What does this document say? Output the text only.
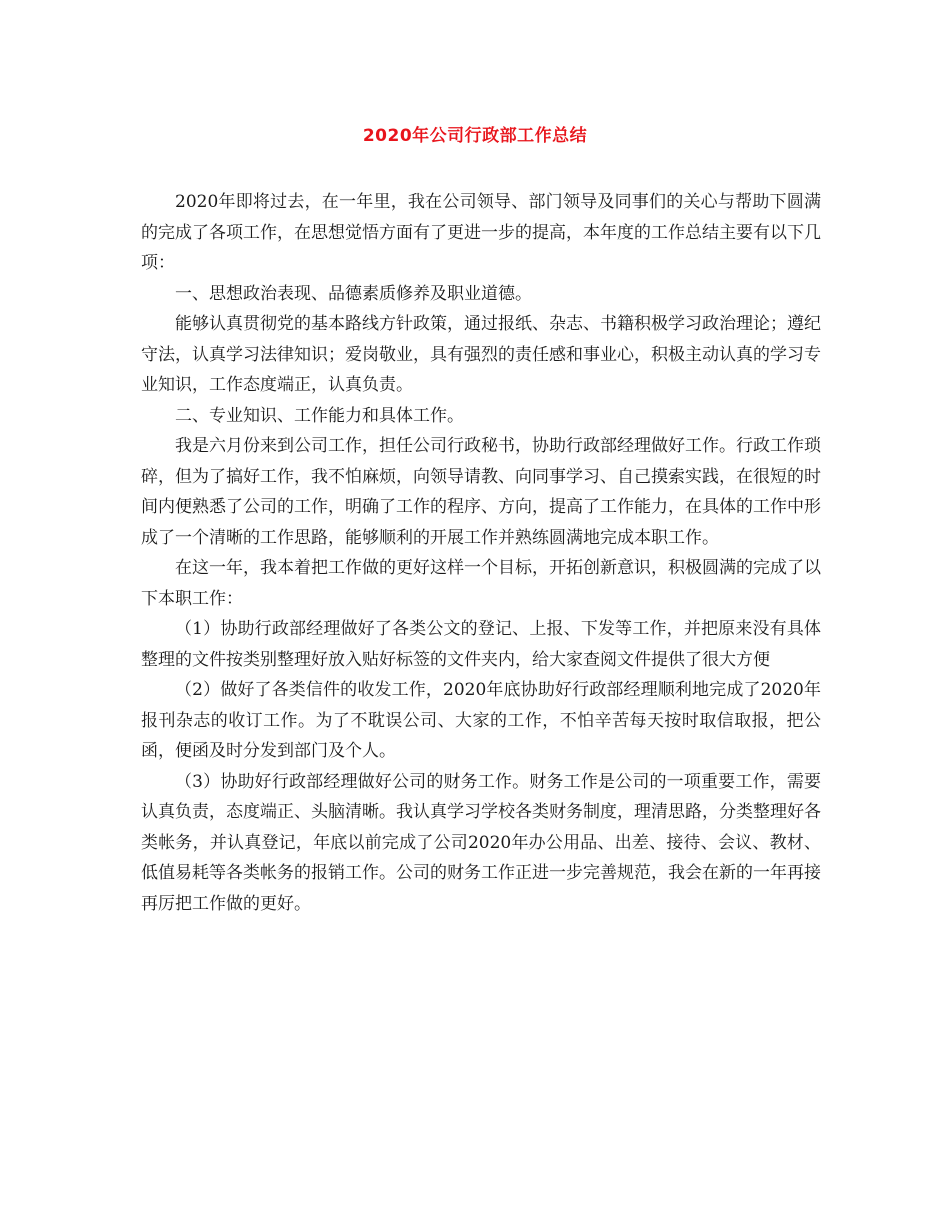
2020年公司行政部工作总结

2020年即将过去，在一年里，我在公司领导、部门领导及同事们的关心与帮助下圆满的完成了各项工作，在思想觉悟方面有了更进一步的提高，本年度的工作总结主要有以下几项：

一、思想政治表现、品德素质修养及职业道德。

能够认真贯彻党的基本路线方针政策，通过报纸、杂志、书籍积极学习政治理论；遵纪守法，认真学习法律知识；爱岗敬业，具有强烈的责任感和事业心，积极主动认真的学习专业知识，工作态度端正，认真负责。

二、专业知识、工作能力和具体工作。

我是六月份来到公司工作，担任公司行政秘书，协助行政部经理做好工作。行政工作琐碎，但为了搞好工作，我不怕麻烦，向领导请教、向同事学习、自己摸索实践，在很短的时间内便熟悉了公司的工作，明确了工作的程序、方向，提高了工作能力，在具体的工作中形成了一个清晰的工作思路，能够顺利的开展工作并熟练圆满地完成本职工作。

在这一年，我本着把工作做的更好这样一个目标，开拓创新意识，积极圆满的完成了以下本职工作：

（1）协助行政部经理做好了各类公文的登记、上报、下发等工作，并把原来没有具体整理的文件按类别整理好放入贴好标签的文件夹内，给大家查阅文件提供了很大方便

（2）做好了各类信件的收发工作，2020年底协助好行政部经理顺利地完成了2020年报刊杂志的收订工作。为了不耽误公司、大家的工作，不怕辛苦每天按时取信取报，把公函，便函及时分发到部门及个人。

（3）协助好行政部经理做好公司的财务工作。财务工作是公司的一项重要工作，需要认真负责，态度端正、头脑清晰。我认真学习学校各类财务制度，理清思路，分类整理好各类帐务，并认真登记，年底以前完成了公司2020年办公用品、出差、接待、会议、教材、低值易耗等各类帐务的报销工作。公司的财务工作正进一步完善规范，我会在新的一年再接再厉把工作做的更好。
